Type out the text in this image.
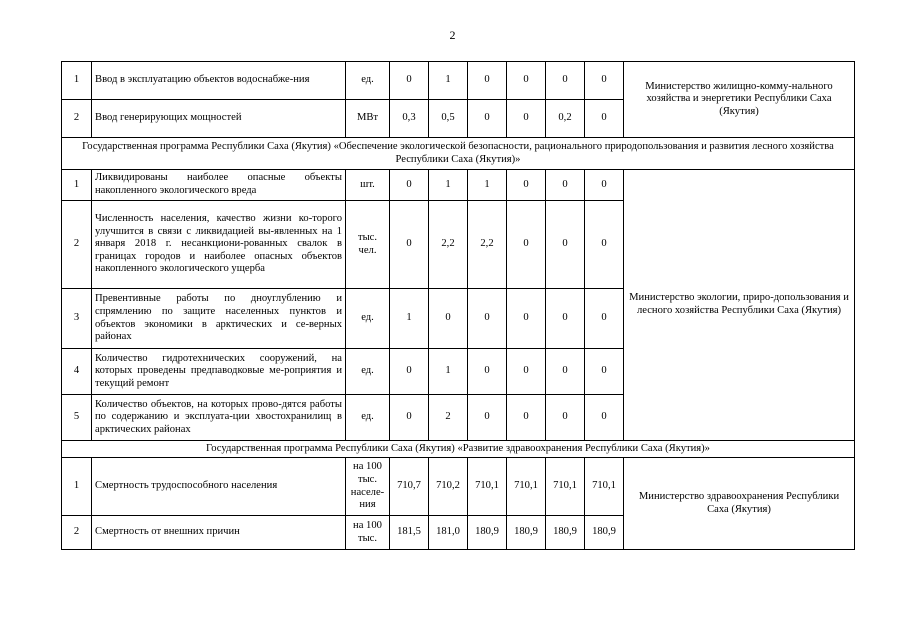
2
1	Ввод в эксплуатацию объектов водоснабже-ния	ед.	0	1	0	0	0	0	Министерство жилищно-комму-нального хозяйства и энергетики Республики Саха (Якутия)
2	Ввод генерирующих мощностей	МВт	0,3	0,5	0	0	0,2	0	
Государственная программа Республики Саха (Якутия) «Обеспечение экологической безопасности, рационального природопользования и развития лесного хозяйства Республики Саха (Якутия)»									
1	Ликвидированы наиболее опасные объекты накопленного экологического вреда	шт.	0	1	1	0	0	0	Министерство экологии, приро-допользования и лесного хозяйства Республики Саха (Якутия)
2	Численность населения, качество жизни ко-торого улучшится в связи с ликвидацией вы-явленных на 1 января 2018 г. несанкциони-рованных свалок в границах городов и наиболее опасных объектов накопленного экологического ущерба	тыс. чел.	0	2,2	2,2	0	0	0	
3	Превентивные работы по дноуглублению и спрямлению по защите населенных пунктов и объектов экономики в арктических и се-верных районах	ед.	1	0	0	0	0	0	
4	Количество гидротехнических сооружений, на которых проведены предпаводковые ме-роприятия и текущий ремонт	ед.	0	1	0	0	0	0	
5	Количество объектов, на которых прово-дятся работы по содержанию и эксплуата-ции хвостохранилищ в арктических районах	ед.	0	2	0	0	0	0	
Государственная программа Республики Саха (Якутия) «Развитие здравоохранения Республики Саха (Якутия)»									
1	Смертность трудоспособного населения	на 100 тыс. населе-ния	710,7	710,2	710,1	710,1	710,1	710,1	Министерство здравоохранения Республики Саха (Якутия)
2	Смертность от внешних причин	на 100 тыс.	181,5	181,0	180,9	180,9	180,9	180,9	
